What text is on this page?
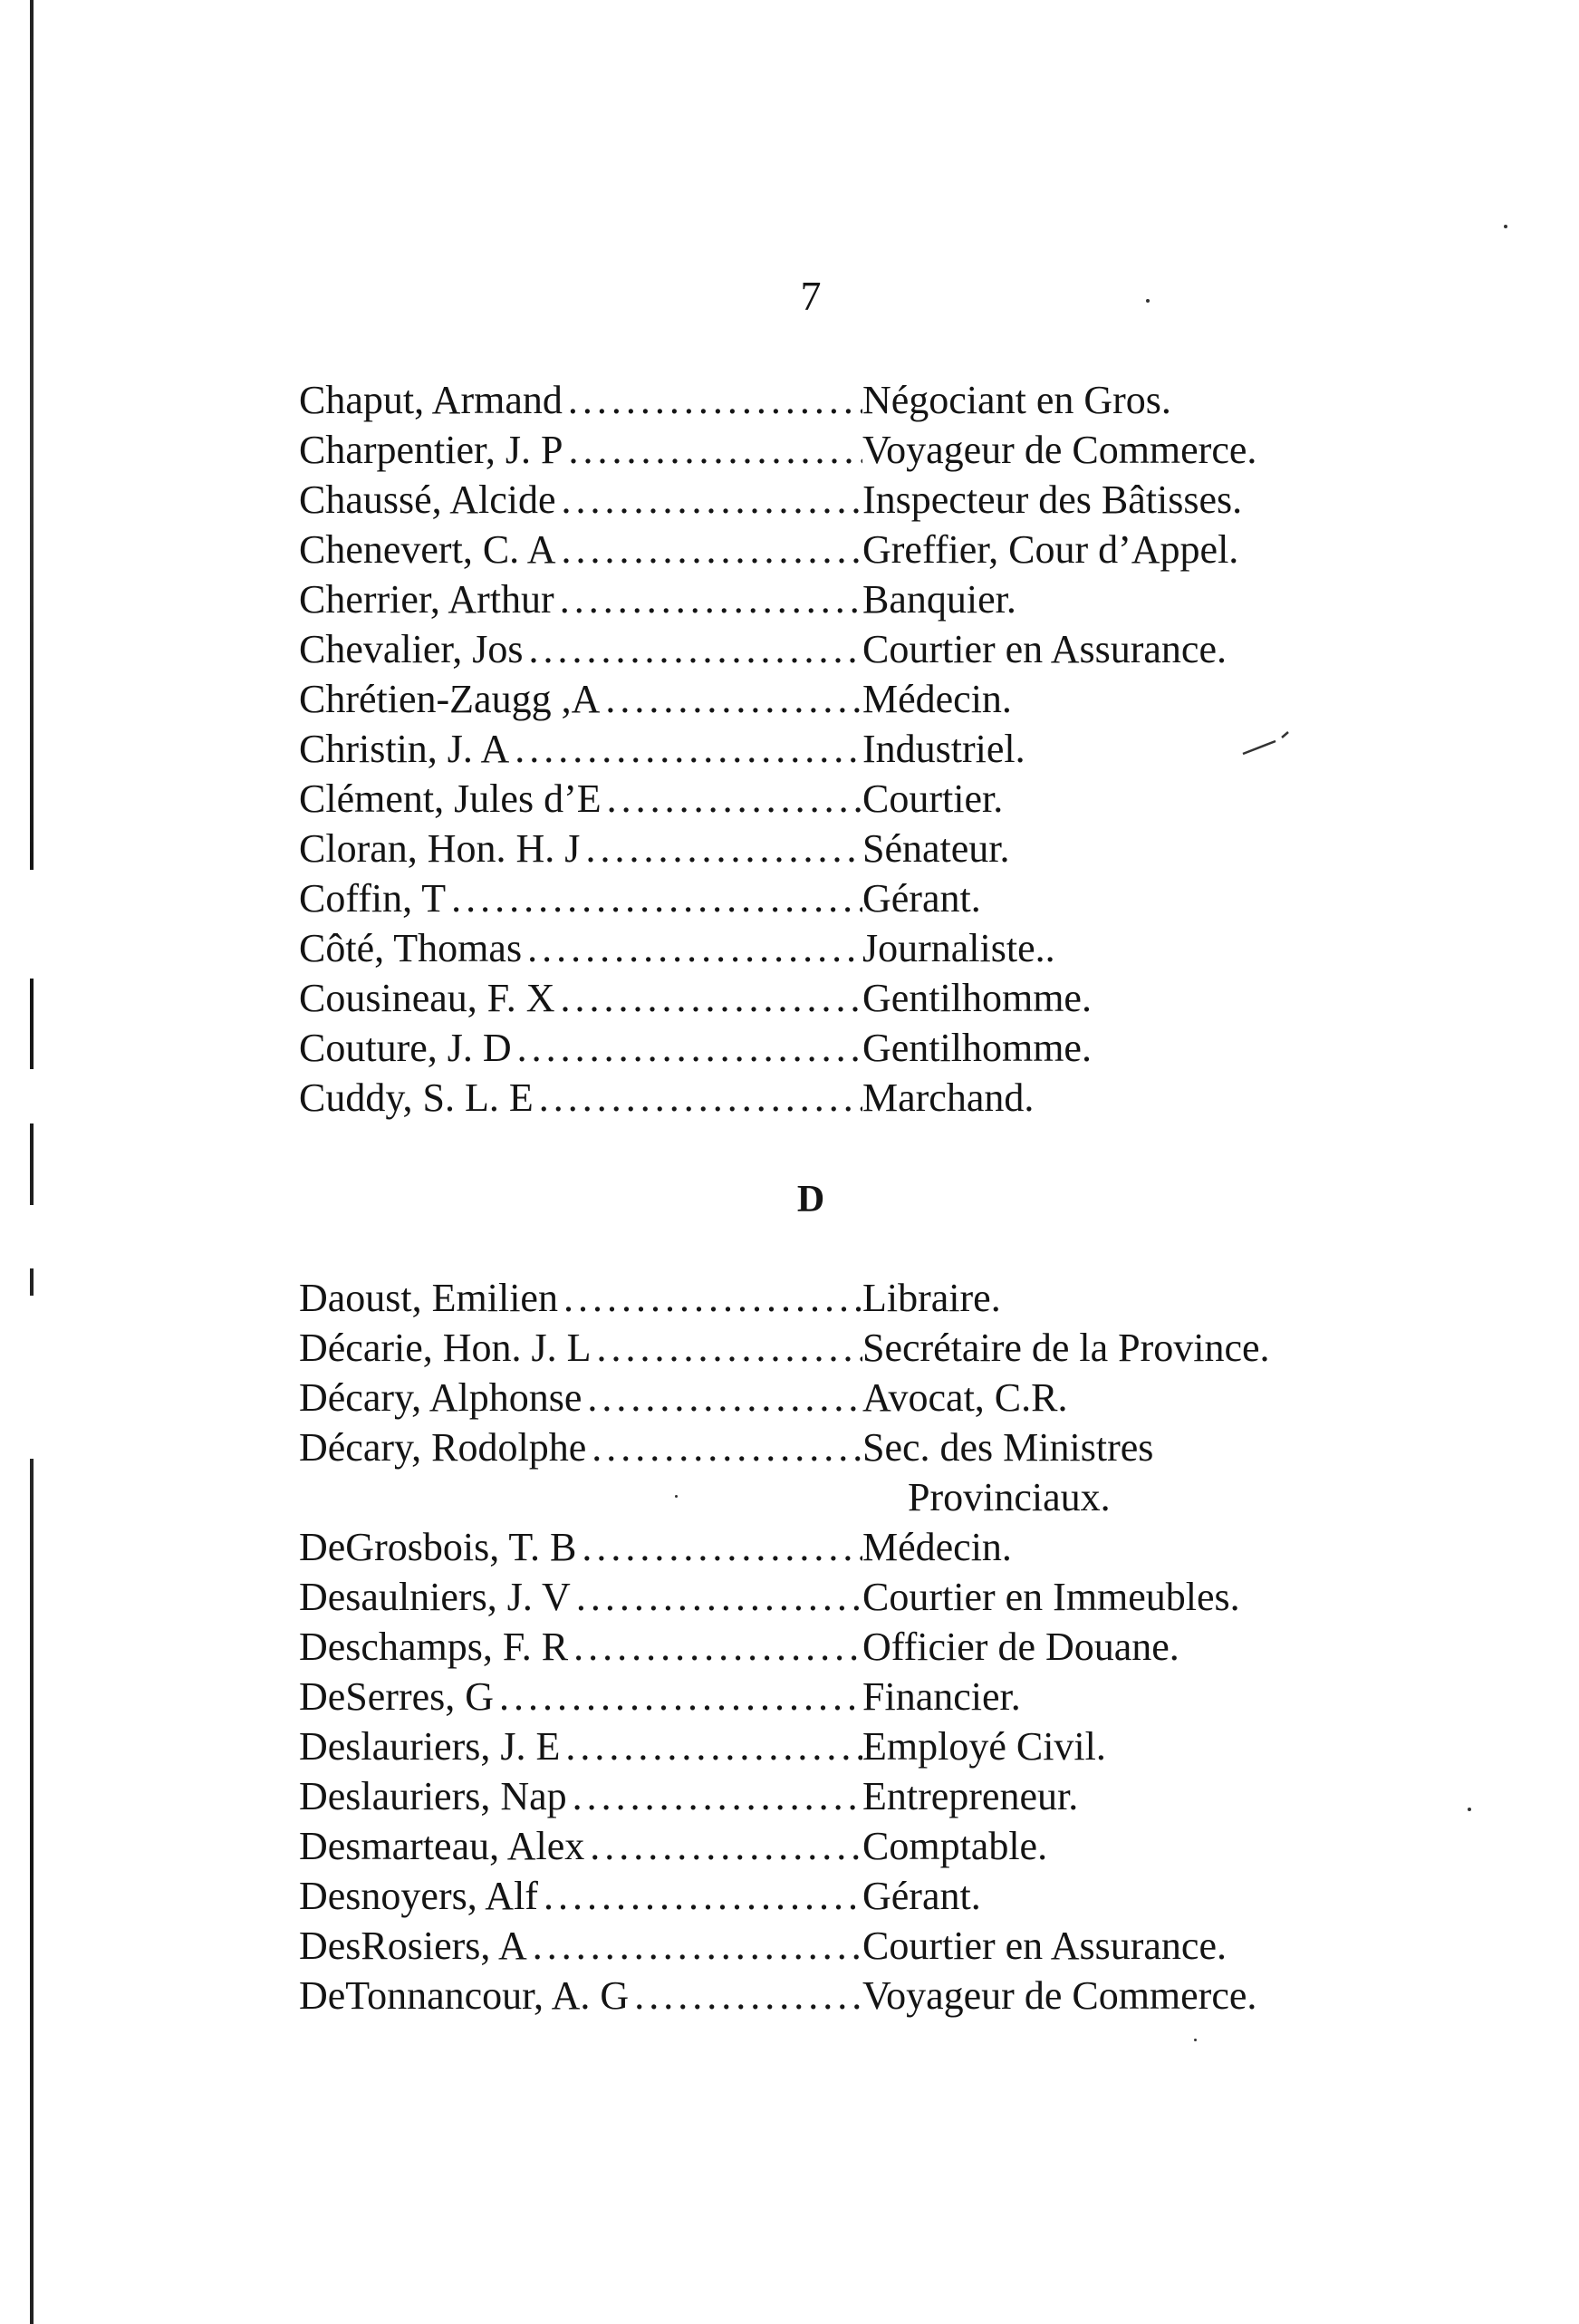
7
Chaput, Armand .....	Négociant en Gros.
Charpentier, J. P .....	Voyageur de Commerce.
Chaussé, Alcide .....	Inspecteur des Bâtisses.
Chenevert, C. A .....	Greffier, Cour d’Appel.
Cherrier, Arthur .....	Banquier.
Chevalier, Jos .....	Courtier en Assurance.
Chrétien-Zaugg ,A .....	Médecin.
Christin, J. A .....	Industriel.
Clément, Jules d’E .....	Courtier.
Cloran, Hon. H. J .....	Sénateur.
Coffin, T .....	Gérant.
Côté, Thomas .....	Journaliste..
Cousineau, F. X .....	Gentilhomme.
Couture, J. D .....	Gentilhomme.
Cuddy, S. L. E .....	Marchand.
D
Daoust, Emilien .....	Libraire.
Décarie, Hon. J. L .....	Secrétaire de la Province.
Décary, Alphonse .....	Avocat, C.R.
Décary, Rodolphe .....	Sec. des Ministres
Provinciaux.
DeGrosbois, T. B .....	Médecin.
Desaulniers, J. V .....	Courtier en Immeubles.
Deschamps, F. R .....	Officier de Douane.
DeSerres, G .....	Financier.
Deslauriers, J. E .....	Employé Civil.
Deslauriers, Nap .....	Entrepreneur.
Desmarteau, Alex .....	Comptable.
Desnoyers, Alf .....	Gérant.
DesRosiers, A .....	Courtier en Assurance.
DeTonnancour, A. G .....	Voyageur de Commerce.
